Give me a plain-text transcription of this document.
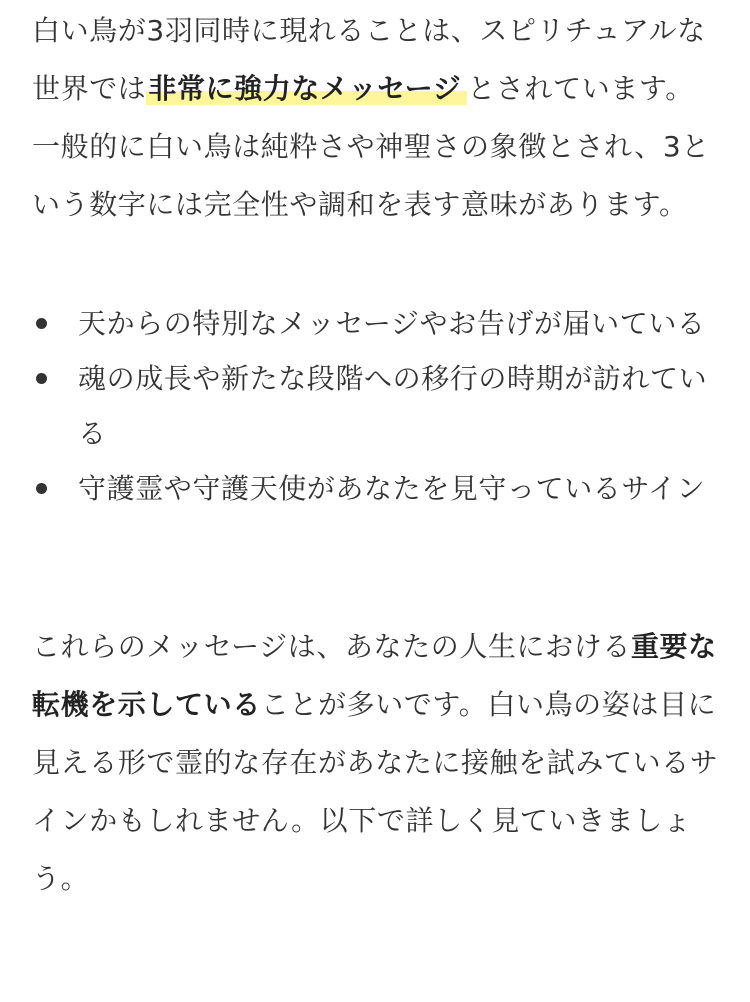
白い鳥が3羽同時に現れることは、スピリチュアルな世界では非常に強力なメッセージ とされています。一般的に白い鳥は純粋さや神聖さの象徴とされ、3という数字には完全性や調和を表す意味があります。

天からの特別なメッセージやお告げが届いている
魂の成長や新たな段階への移行の時期が訪れている
守護霊や守護天使があなたを見守っているサイン

これらのメッセージは、あなたの人生における重要な転機を示していることが多いです。白い鳥の姿は目に見える形で霊的な存在があなたに接触を試みているサインかもしれません。以下で詳しく見ていきましょう。
